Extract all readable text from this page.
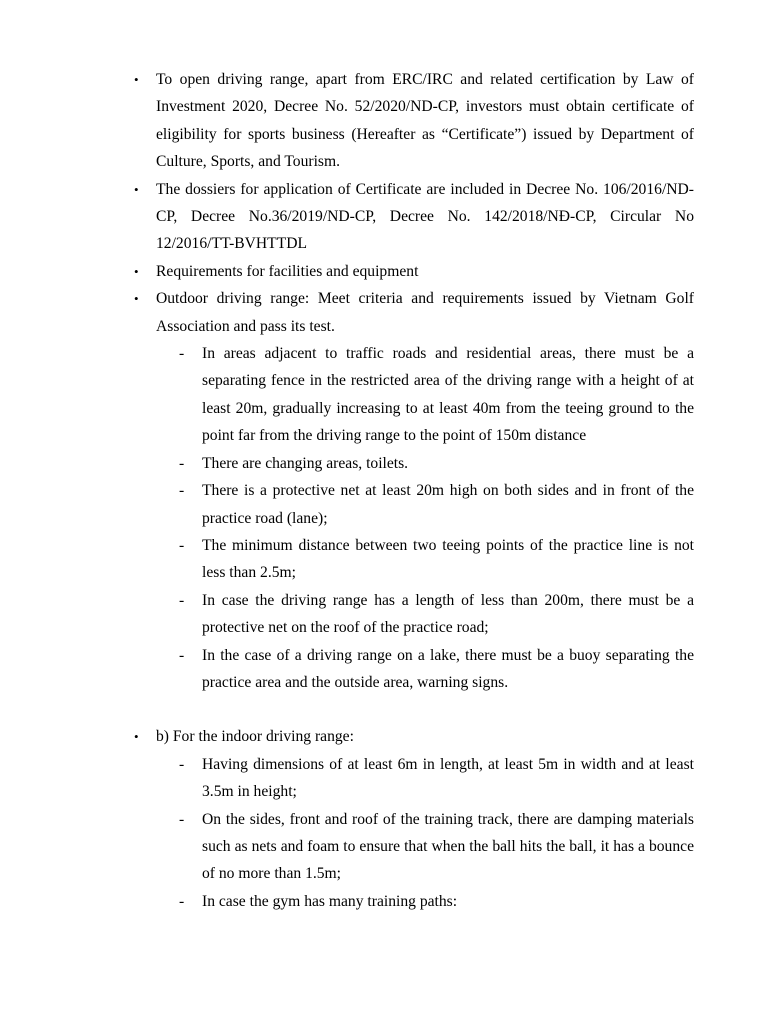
• To open driving range, apart from ERC/IRC and related certification by Law of Investment 2020, Decree No. 52/2020/ND-CP, investors must obtain certificate of eligibility for sports business (Hereafter as “Certificate”) issued by Department of Culture, Sports, and Tourism.
• The dossiers for application of Certificate are included in Decree No. 106/2016/ND-CP, Decree No.36/2019/ND-CP, Decree No. 142/2018/NĐ-CP, Circular No 12/2016/TT-BVHTTDL
• Requirements for facilities and equipment
• Outdoor driving range: Meet criteria and requirements issued by Vietnam Golf Association and pass its test.
- In areas adjacent to traffic roads and residential areas, there must be a separating fence in the restricted area of the driving range with a height of at least 20m, gradually increasing to at least 40m from the teeing ground to the point far from the driving range to the point of 150m distance
- There are changing areas, toilets.
- There is a protective net at least 20m high on both sides and in front of the practice road (lane);
- The minimum distance between two teeing points of the practice line is not less than 2.5m;
- In case the driving range has a length of less than 200m, there must be a protective net on the roof of the practice road;
- In the case of a driving range on a lake, there must be a buoy separating the practice area and the outside area, warning signs.
• b) For the indoor driving range:
- Having dimensions of at least 6m in length, at least 5m in width and at least 3.5m in height;
- On the sides, front and roof of the training track, there are damping materials such as nets and foam to ensure that when the ball hits the ball, it has a bounce of no more than 1.5m;
- In case the gym has many training paths:
